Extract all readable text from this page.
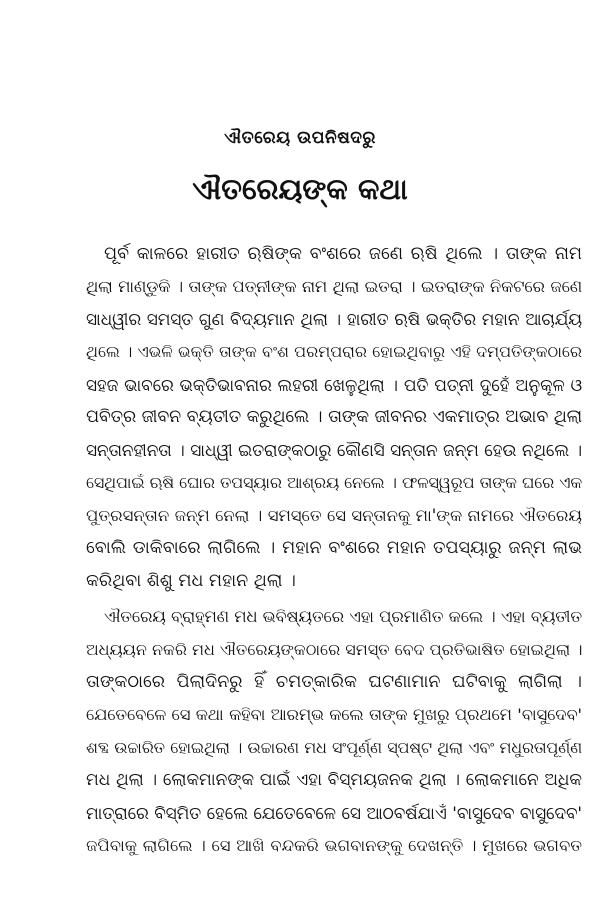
ଐତରେୟ ଉପନିଷଦରୁ
ଐତରେୟଙ୍କ କଥା
ପୂର୍ବ କାଳରେ ହାରୀତ ଋଷିଙ୍କ ବଂଶରେ ଜଣେ ଋଷି ଥିଲେ । ତାଙ୍କ ନାମ
ଥିଲା ମାଣ୍ଡୁକି । ତାଙ୍କ ପତ୍ନୀଙ୍କ ନାମ ଥିଲା ଇତରା । ଇତରାଙ୍କ ନିକଟରେ ଜଣେ
ସାଧ୍ୱୀର ସମସ୍ତ ଗୁଣ ବିଦ୍ୟମାନ ଥିଲା । ହାରୀତ ଋଷି ଭକ୍ତିର ମହାନ ଆଚାର୍ଯ୍ୟ
ଥିଲେ । ଏଭଳି ଭକ୍ତି ତାଙ୍କ ବଂଶ ପରମ୍ପରାର ହୋଇଥିବାରୁ ଏହି ଦମ୍ପତିଙ୍କଠାରେ
ସହଜ ଭାବରେ ଭକ୍ତିଭାବନାର ଲହରୀ ଖେଳୁଥିଲା । ପତି ପତ୍ନୀ ଦୁହେଁ ଅନୁକୂଳ ଓ
ପବିତ୍ର ଜୀବନ ବ୍ୟତୀତ କରୁଥିଲେ । ତାଙ୍କ ଜୀବନର ଏକମାତ୍ର ଅଭାବ ଥିଲା
ସନ୍ତାନହୀନତା । ସାଧ୍ୱୀ ଇତରାଙ୍କଠାରୁ କୌଣସି ସନ୍ତାନ ଜନ୍ମ ହେଉ ନଥିଲେ ।
ସେଥିପାଇଁ ଋଷି ଘୋର ତପସ୍ୟାର ଆଶ୍ରୟ ନେଲେ । ଫଳସ୍ୱରୂପ ତାଙ୍କ ଘରେ ଏକ
ପୁତ୍ରସନ୍ତାନ ଜନ୍ମ ନେଲା । ସମସ୍ତେ ସେ ସନ୍ତାନକୁ ମା'ଙ୍କ ନାମରେ ଐତରେୟ
ବୋଲି ଡାକିବାରେ ଲାଗିଲେ । ମହାନ ବଂଶରେ ମହାନ ତପସ୍ୟାରୁ ଜନ୍ମ ଲାଭ
କରିଥିବା ଶିଶୁ ମଧ ମହାନ ଥିଲା ।
ଐତରେୟ ବ୍ରାହ୍ମଣ ମଧ ଭବିଷ୍ୟତରେ ଏହା ପ୍ରମାଣିତ କଲେ । ଏହା ବ୍ୟତୀତ
ଅଧ୍ୟୟନ ନକରି ମଧ ଐତରେୟଙ୍କଠାରେ ସମସ୍ତ ବେଦ ପ୍ରତିଭାଷିତ ହୋଇଥିଲା ।
ତାଙ୍କଠାରେ ପିଲାଦିନରୁ ହିଁ ଚମତ୍କାରିକ ଘଟଣାମାନ ଘଟିବାକୁ ଲାଗିଲା ।
ଯେତେବେଳେ ସେ କଥା କହିବା ଆରମ୍ଭ କଲେ ତାଙ୍କ ମୁଖରୁ ପ୍ରଥମେ 'ବାସୁଦେବ'
ଶବ୍ଦ ଉଚ୍ଚାରିତ ହୋଇଥିଲା । ଉଚ୍ଚାରଣ ମଧ ସଂପୂର୍ଣ୍ଣ ସ୍ପଷ୍ଟ ଥିଲା ଏବଂ ମଧୁରତାପୂର୍ଣ୍ଣ
ମଧ ଥିଲା । ଲୋକମାନଙ୍କ ପାଇଁ ଏହା ବିସ୍ମୟଜନକ ଥିଲା । ଲୋକମାନେ ଅଧିକ
ମାତ୍ରାରେ ବିସ୍ମିତ ହେଲେ ଯେତେବେଳେ ସେ ଆଠବର୍ଷଯାଏଁ 'ବାସୁଦେବ ବାସୁଦେବ'
ଜପିବାକୁ ଲାଗିଲେ । ସେ ଆଖି ବନ୍ଦକରି ଭଗବାନଙ୍କୁ ଦେଖନ୍ତି । ମୁଖରେ ଭଗବତ
